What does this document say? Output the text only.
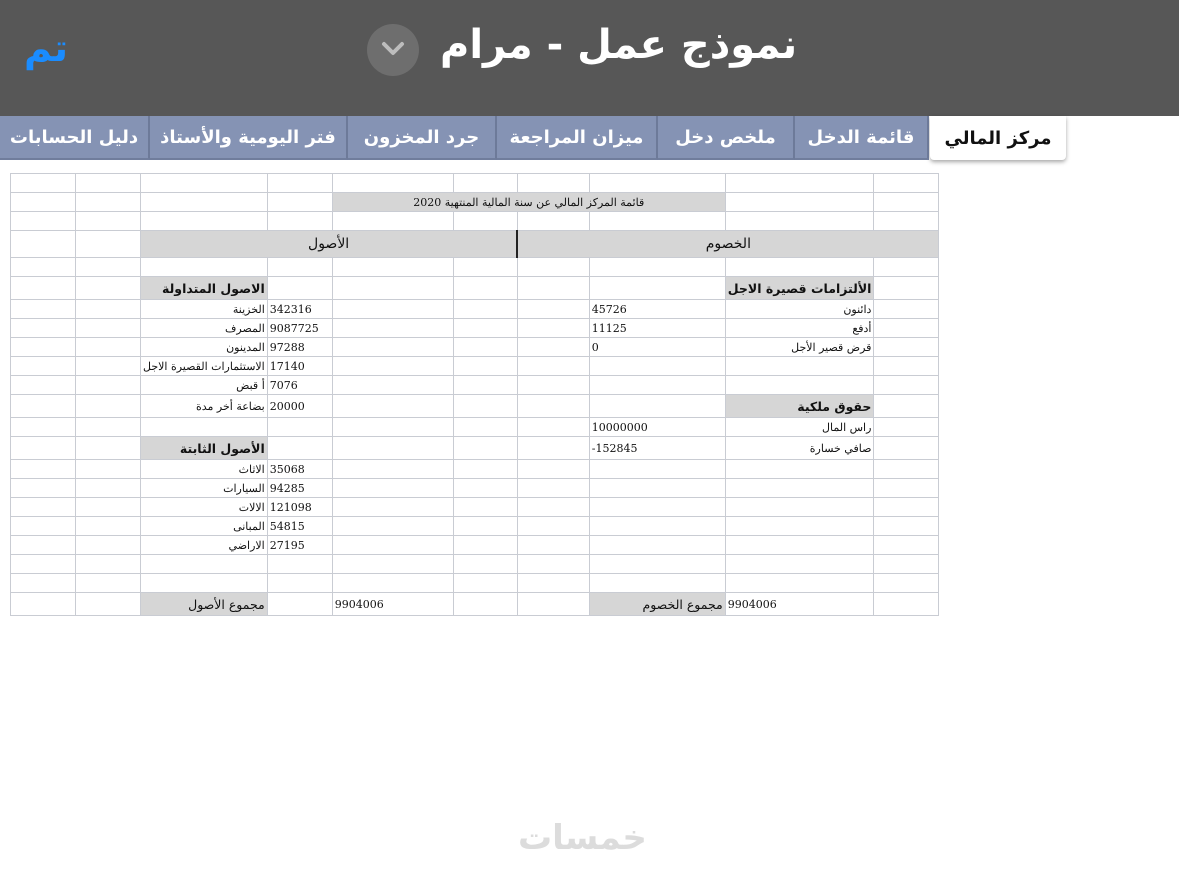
تم	نموذج عمل - مرام
مركز المالي
قائمة الدخل
ملخص دخل
ميزان المراجعة
جرد المخزون
فتر اليومية والأستاذ
دليل الحسابات

		قائمة المركز المالي عن سنة المالية المنتهية 2020							

الخصوم				الأصول					

	الألتزامات قصيرة الاجل						الاصول المتداولة		
	دائنون	45726				342316	الخزينة		
	أدفع	11125				9087725	المصرف		
	قرض قصير الأجل	0				97288	المدينون		
						17140	الاستثمارات القصيرة الاجل		
						7076	أ قبض		
	حقوق ملكية					20000	بضاعة أخر مدة		
	راس المال	10000000							
	صافي خسارة	-152845					الأصول الثابتة		
						35068	الاثاث		
						94285	السيارات		
						121098	الالات		
						54815	المبانى		
						27195	الاراضي		

	9904006	مجموع الخصوم			9904006		مجموع الأصول		
خمسات
